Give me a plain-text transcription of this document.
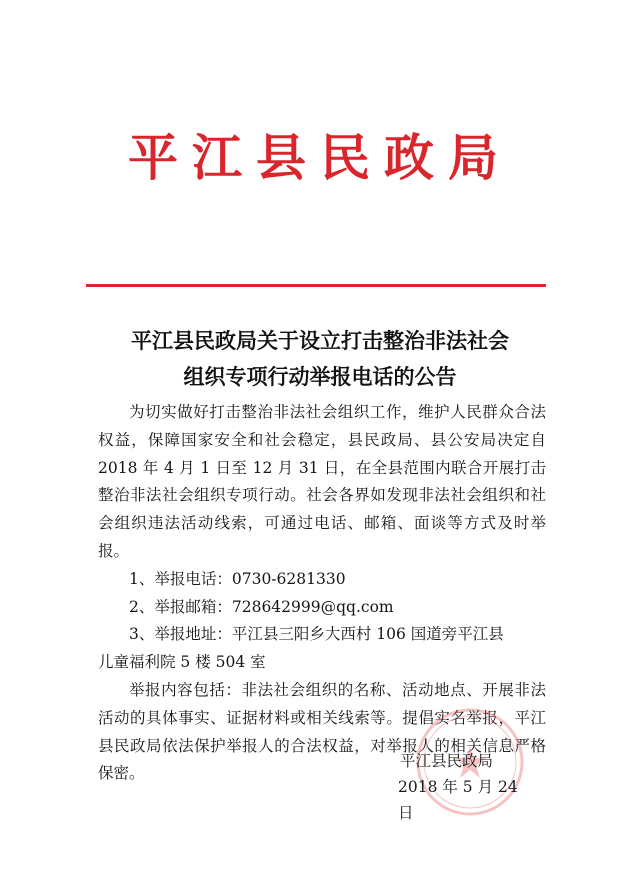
平江县民政局
平江县民政局关于设立打击整治非法社会
组织专项行动举报电话的公告

为切实做好打击整治非法社会组织工作，维护人民群众合法权益，保障国家安全和社会稳定，县民政局、县公安局决定自 2018 年 4 月 1 日至 12 月 31 日，在全县范围内联合开展打击整治非法社会组织专项行动。社会各界如发现非法社会组织和社会组织违法活动线索，可通过电话、邮箱、面谈等方式及时举报。

1、举报电话：0730-6281330

2、举报邮箱：728642999@qq.com

3、举报地址：平江县三阳乡大西村 106 国道旁平江县

儿童福利院 5 楼 504 室

举报内容包括：非法社会组织的名称、活动地点、开展非法活动的具体事实、证据材料或相关线索等。提倡实名举报，平江县民政局依法保护举报人的合法权益，对举报人的相关信息严格保密。

平江县民政局
2018 年 5 月 24 日
